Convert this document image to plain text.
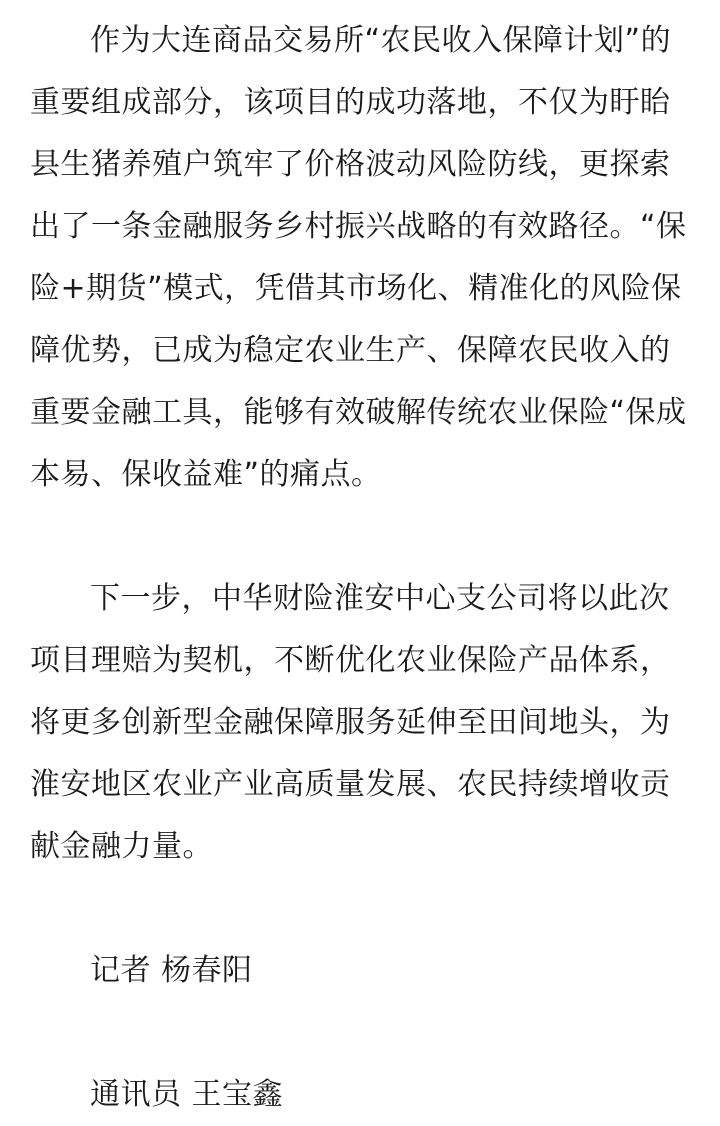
作为大连商品交易所“农民收入保障计划”的
重要组成部分，该项目的成功落地，不仅为盱眙
县生猪养殖户筑牢了价格波动风险防线，更探索
出了一条金融服务乡村振兴战略的有效路径。“保
险+期货”模式，凭借其市场化、精准化的风险保
障优势，已成为稳定农业生产、保障农民收入的
重要金融工具，能够有效破解传统农业保险“保成
本易、保收益难”的痛点。
下一步，中华财险淮安中心支公司将以此次
项目理赔为契机，不断优化农业保险产品体系，
将更多创新型金融保障服务延伸至田间地头，为
淮安地区农业产业高质量发展、农民持续增收贡
献金融力量。
记者 杨春阳
通讯员 王宝鑫
